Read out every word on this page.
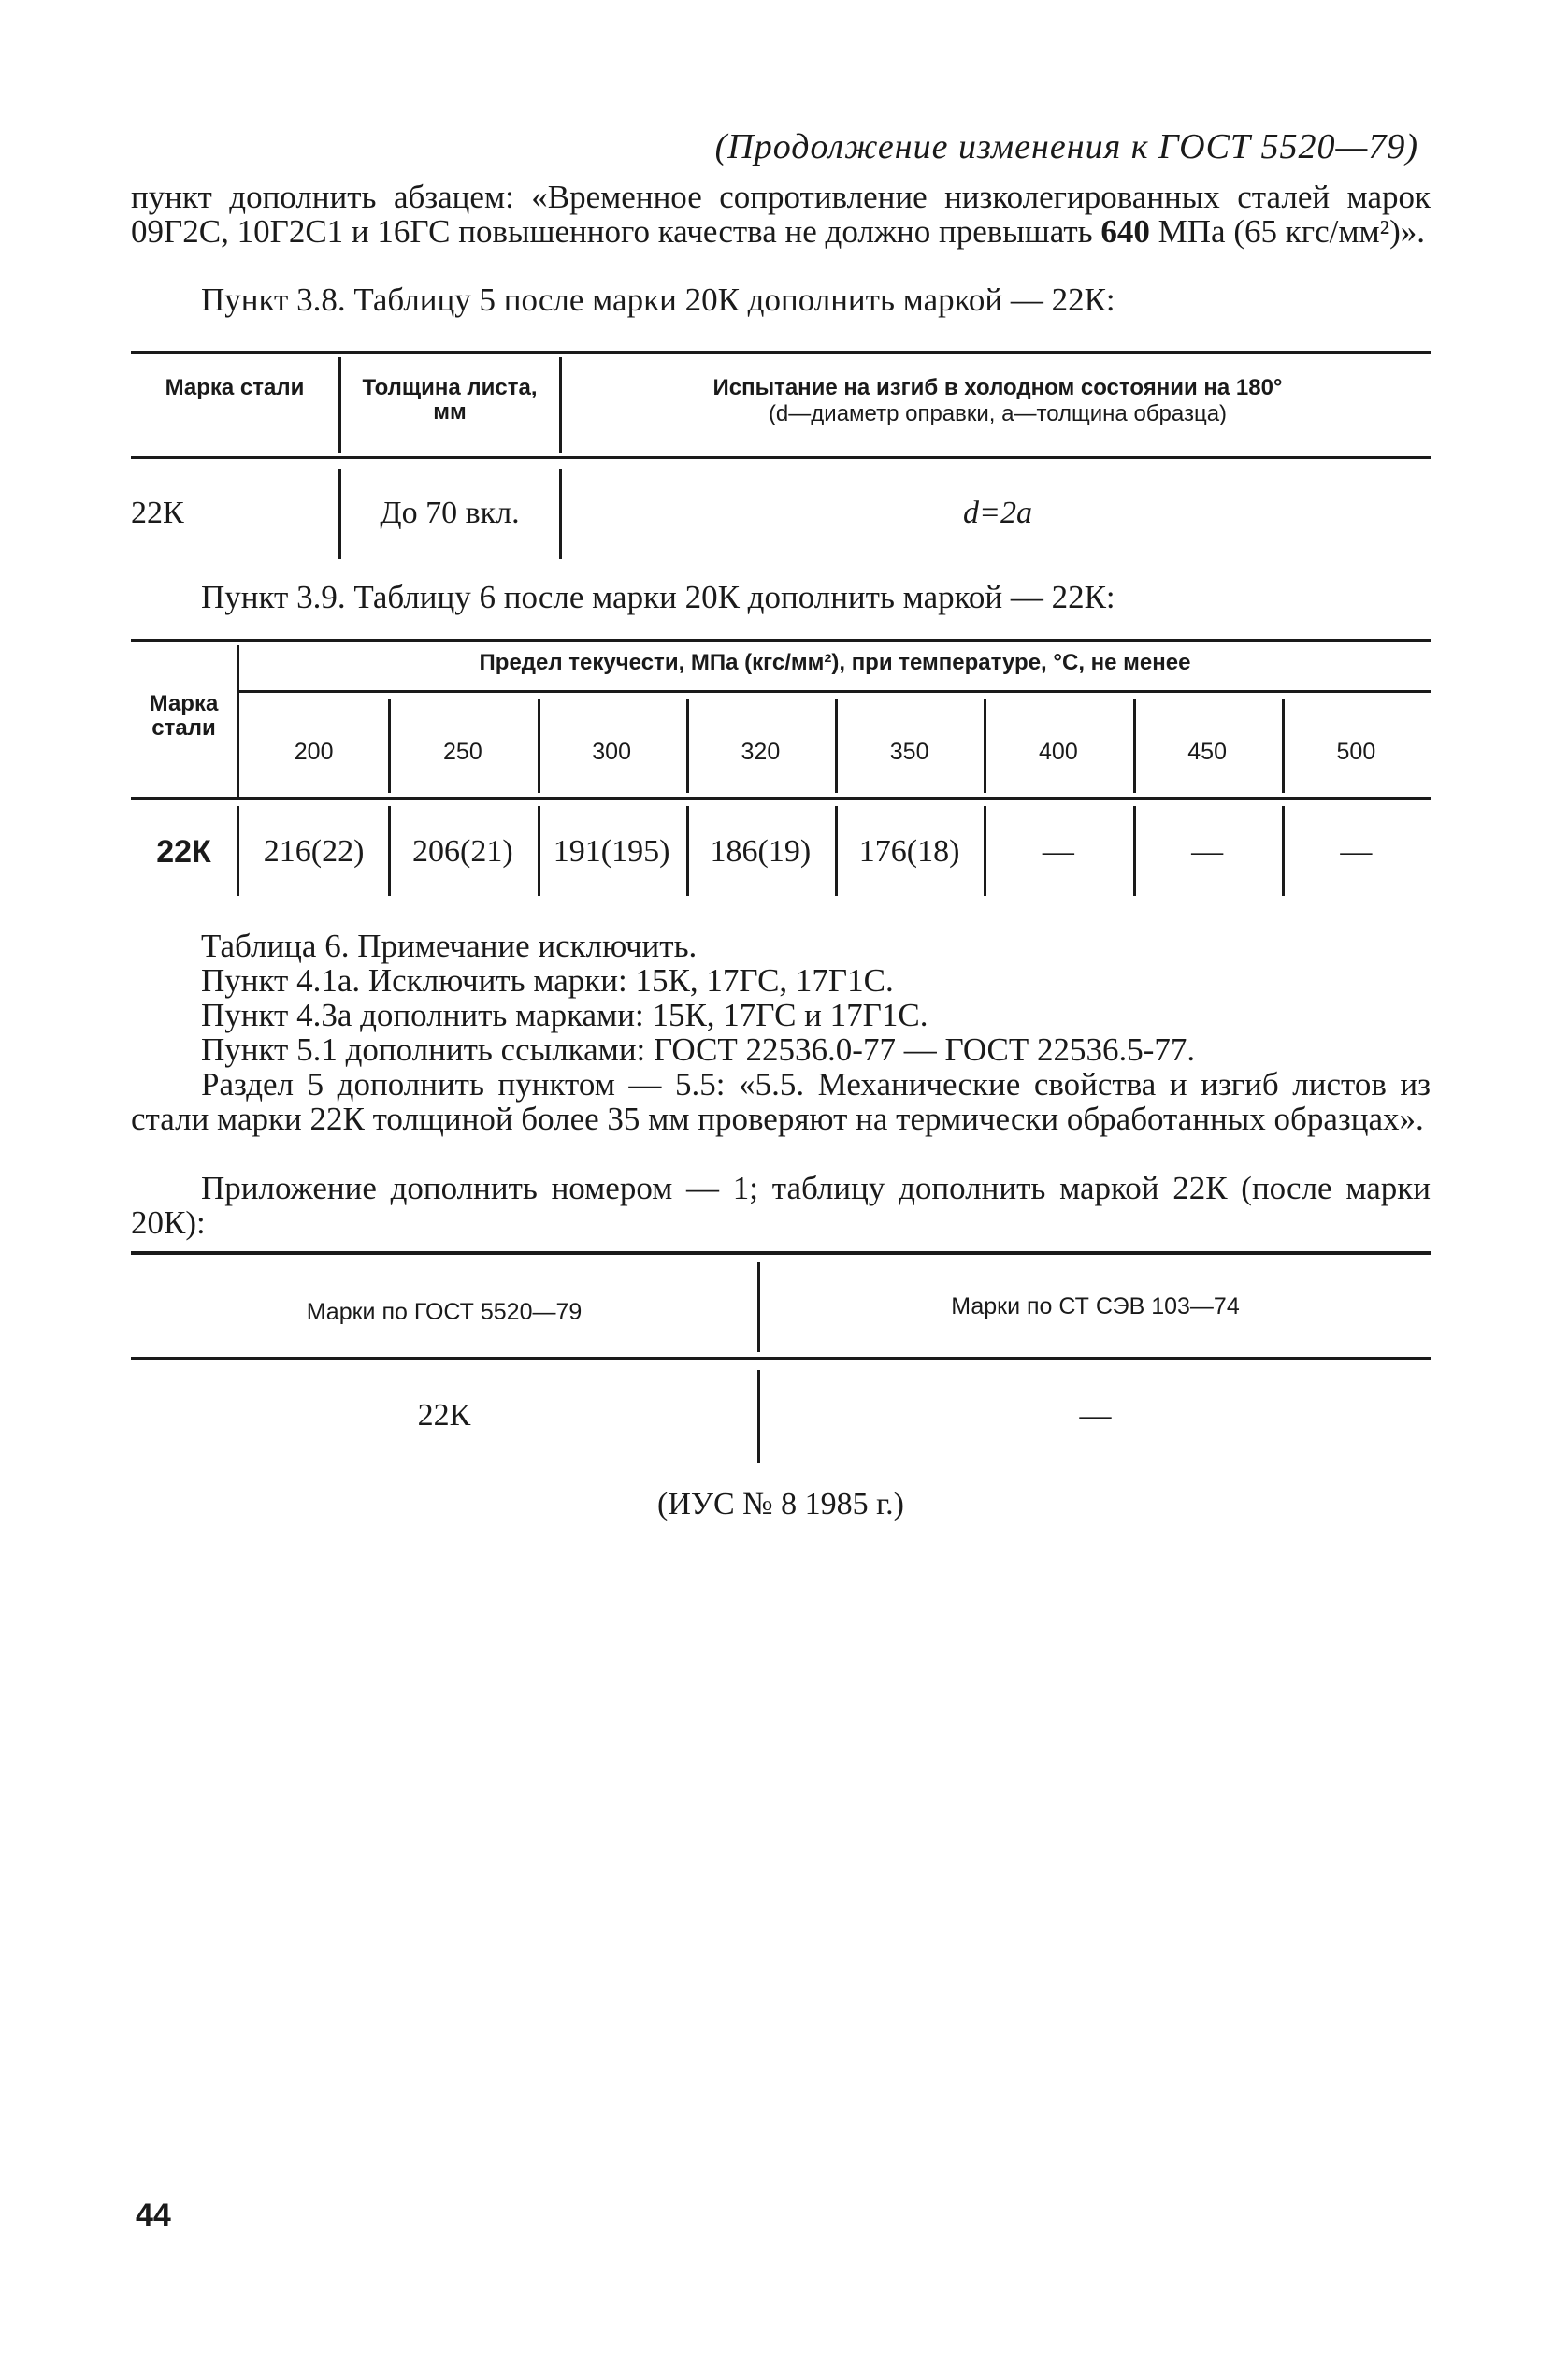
(Продолжение изменения к ГОСТ 5520—79)
пункт дополнить абзацем: «Временное сопротивление низколегированных сталей марок 09Г2С, 10Г2С1 и 16ГС повышенного качества не должно превышать 640 МПа (65 кгс/мм²)».
Пункт 3.8. Таблицу 5 после марки 20К дополнить маркой — 22К:
Марка стали	Толщина листа, мм
Испытание на изгиб в холодном состоянии на 180°
(d—диаметр оправки, a—толщина образца)
22К	До 70 вкл.	d=2a
Пункт 3.9. Таблицу 6 после марки 20К дополнить маркой — 22К:
Марка стали
Предел текучести, МПа (кгс/мм²), при температуре, °С, не менее
200	250	300	320	350	400	450	500
22К	216(22)	206(21)	191(195)	186(19)	176(18)	—	—	—
Таблица 6. Примечание исключить.
Пункт 4.1а. Исключить марки: 15К, 17ГС, 17Г1С.
Пункт 4.3а дополнить марками: 15К, 17ГС и 17Г1С.
Пункт 5.1 дополнить ссылками: ГОСТ 22536.0-77 — ГОСТ 22536.5-77.
Раздел 5 дополнить пунктом — 5.5: «5.5. Механические свойства и изгиб листов из стали марки 22К толщиной более 35 мм проверяют на термически обработанных образцах».
Приложение дополнить номером — 1; таблицу дополнить маркой 22К (после марки 20К):
Марки по ГОСТ 5520—79	Марки по СТ СЭВ 103—74
22К	—
(ИУС № 8 1985 г.)
44
